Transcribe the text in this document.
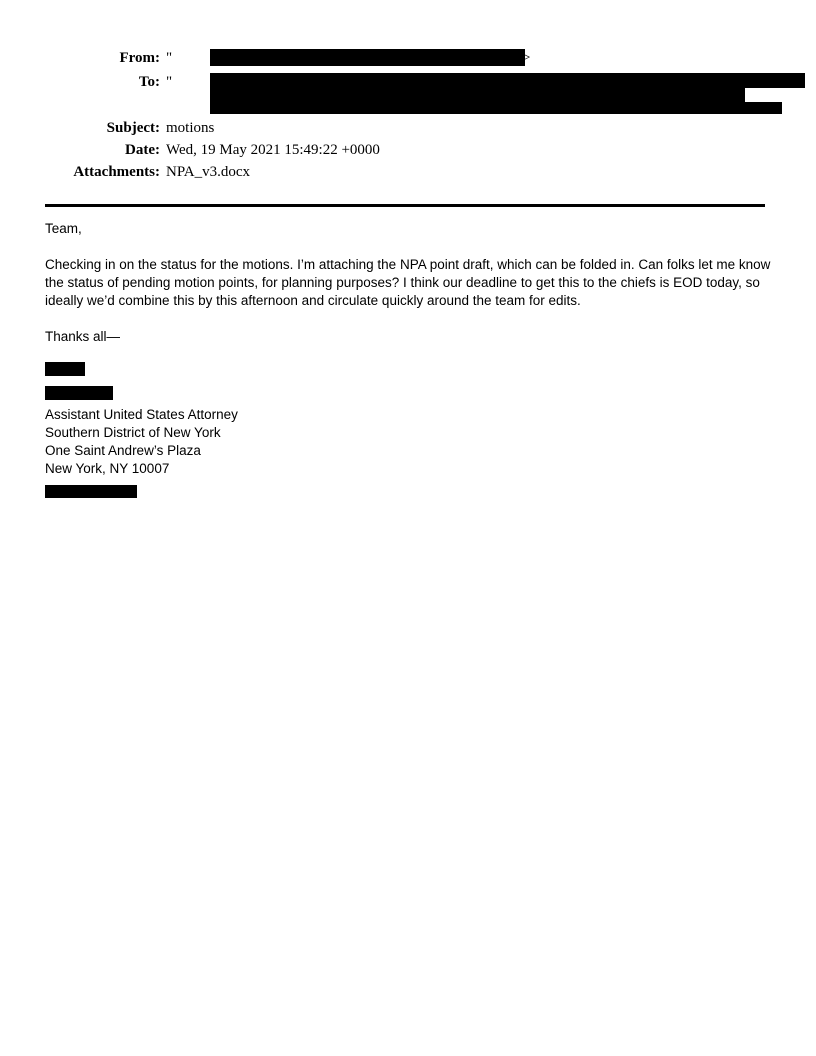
From: "	>
To: "
Subject: motions
Date: Wed, 19 May 2021 15:49:22 +0000
Attachments: NPA_v3.docx

Team,

Checking in on the status for the motions. I’m attaching the NPA point draft, which can be folded in. Can folks let me know the status of pending motion points, for planning purposes? I think our deadline to get this to the chiefs is EOD today, so ideally we’d combine this by this afternoon and circulate quickly around the team for edits.

Thanks all—

Assistant United States Attorney
Southern District of New York
One Saint Andrew’s Plaza
New York, NY 10007
